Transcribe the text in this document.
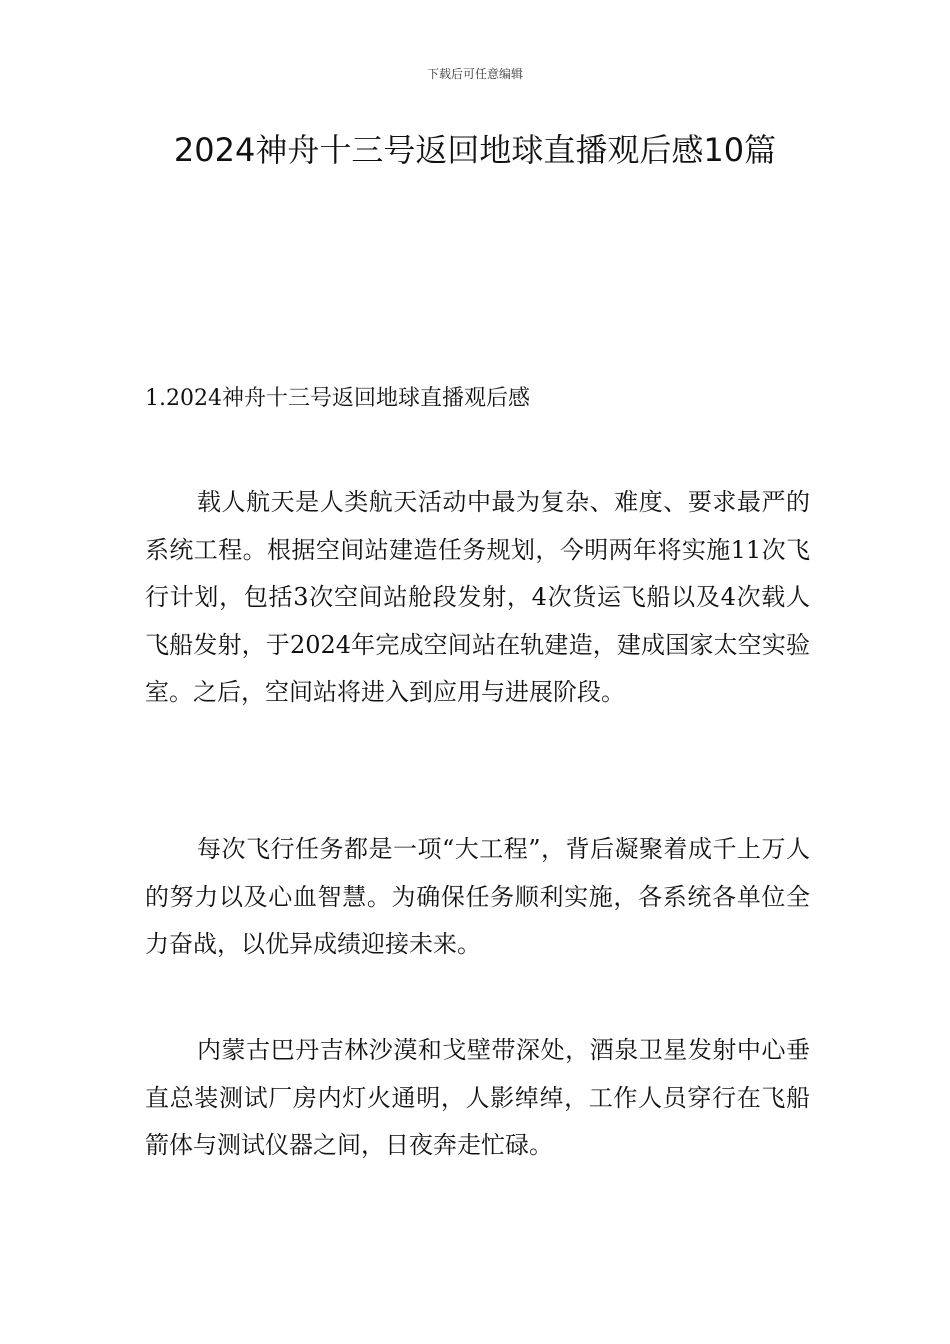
下载后可任意编辑
2024神舟十三号返回地球直播观后感10篇
1.2024神舟十三号返回地球直播观后感

载人航天是人类航天活动中最为复杂、难度、要求最严的系统工程。根据空间站建造任务规划，今明两年将实施11次飞行计划，包括3次空间站舱段发射，4次货运飞船以及4次载人飞船发射，于2024年完成空间站在轨建造，建成国家太空实验室。之后，空间站将进入到应用与进展阶段。

每次飞行任务都是一项“大工程”，背后凝聚着成千上万人的努力以及心血智慧。为确保任务顺利实施，各系统各单位全力奋战，以优异成绩迎接未来。

内蒙古巴丹吉林沙漠和戈壁带深处，酒泉卫星发射中心垂直总装测试厂房内灯火通明，人影绰绰，工作人员穿行在飞船箭体与测试仪器之间，日夜奔走忙碌。
